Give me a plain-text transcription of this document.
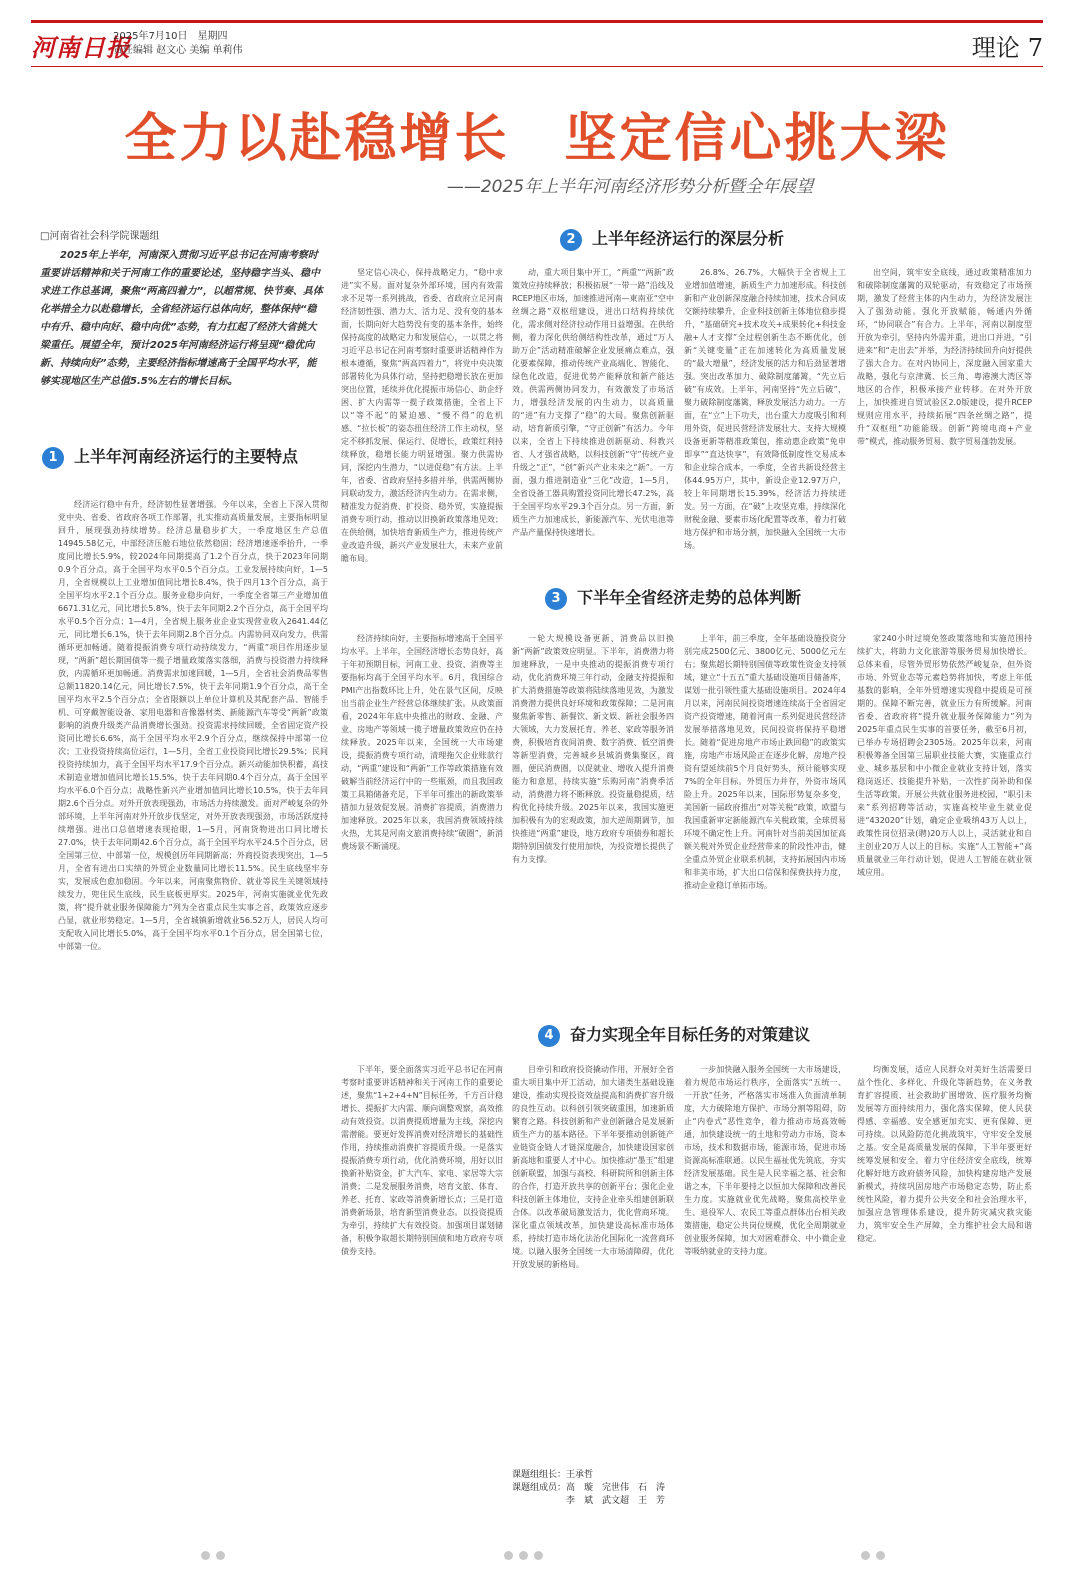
河南日报
2025年7月10日　星期四
责任编辑 赵文心 美编 单莉伟	理论 7
全力以赴稳增长　坚定信心挑大梁
——2025年上半年河南经济形势分析暨全年展望
□河南省社会科学院课题组

2025年上半年，河南深入贯彻习近平总书记在河南考察时重要讲话精神和关于河南工作的重要论述，坚持稳字当头、稳中求进工作总基调，聚焦“两高四着力”，以超常规、快节奏、具体化举措全力以赴稳增长，全省经济运行总体向好，整体保持“稳中有升、稳中向好、稳中向优”态势，有力扛起了经济大省挑大梁重任。展望全年，预计2025年河南经济运行将呈现“稳优向新、持续向好”态势，主要经济指标增速高于全国平均水平，能够实现地区生产总值5.5%左右的增长目标。

1	上半年河南经济运行的主要特点

经济运行稳中有升，经济韧性显著增强。今年以来，全省上下深入贯彻党中央、省委、省政府各项工作部署，扎实推动高质量发展，主要指标明显回升，展现强劲持续增势。经济总量稳步扩大，一季度地区生产总值14945.58亿元，中部经济压舱石地位依然稳固；经济增速逐季抬升，一季度同比增长5.9%，较2024年同期提高了1.2个百分点，快于2023年同期0.9个百分点，高于全国平均水平0.5个百分点。工业发展持续向好，1—5月，全省规模以上工业增加值同比增长8.4%，快于四月13个百分点，高于全国平均水平2.1个百分点。服务业稳步向好，一季度全省第三产业增加值6671.31亿元，同比增长5.8%，快于去年同期2.2个百分点，高于全国平均水平0.5个百分点；1—4月，全省规上服务业企业实现营业收入2641.44亿元，同比增长6.1%，快于去年同期2.8个百分点。内需协同双向发力，供需循环更加畅通。随着提振消费专项行动持续发力，“两重”项目作用逐步显现，“两新”超长期国债等一揽子增量政策落实落细，消费与投资潜力持续释放，内需循环更加畅通。消费需求加速回暖，1—5月，全省社会消费品零售总额11820.14亿元，同比增长7.5%，快于去年同期1.9个百分点，高于全国平均水平2.5个百分点；全省限额以上单位计算机及其配套产品、智能手机、可穿戴智能设备、家用电器和音像器材类、新能源汽车等受“两新”政策影响的消费升级类产品消费增长强劲。投资需求持续回暖，全省固定资产投资同比增长6.6%，高于全国平均水平2.9个百分点，继续保持中部第一位次；工业投资持续高位运行，1—5月，全省工业投资同比增长29.5%；民间投资持续加力，高于全国平均水平17.9个百分点。新兴动能加快积蓄，高技术制造业增加值同比增长15.5%，快于去年同期0.4个百分点，高于全国平均水平6.0个百分点；战略性新兴产业增加值同比增长10.5%，快于去年同期2.6个百分点。对外开放表现强劲，市场活力持续激发。面对严峻复杂的外部环境，上半年河南对外开放步伐坚定，对外开放表现强劲，市场活跃度持续增强。进出口总值增速表现抢眼，1—5月，河南货物进出口同比增长27.0%，快于去年同期42.6个百分点，高于全国平均水平24.5个百分点，居全国第三位、中部第一位，规模创历年同期新高；外商投资表现突出，1—5月，全省有进出口实绩的外贸企业数量同比增长11.5%。民生底线坚牢夯实，发展成色愈加稳固。今年以来，河南聚焦物价、就业等民生关键领域持续发力，兜住民生底线，民生底板更厚实。2025年，河南实施就业优先政策，将“提升就业服务保障能力”列为全省重点民生实事之首，政策效应逐步凸显，就业形势稳定。1—5月，全省城镇新增就业56.52万人，居民人均可支配收入同比增长5.0%，高于全国平均水平0.1个百分点，居全国第七位，中部第一位。

2	上半年经济运行的深层分析

坚定信心决心，保持战略定力，“稳中求进”实不易。面对复杂外部环境，国内有效需求不足等一系列挑战，省委、省政府立足河南经济韧性强、潜力大、活力足、没有变的基本面，长期向好大趋势没有变的基本条件，始终保持高度的战略定力和发展信心，一以贯之将习近平总书记在河南考察时重要讲话精神作为根本遵循，聚焦“两高四着力”，将党中央决策部署转化为具体行动，坚持把稳增长放在更加突出位置，延续并优化提振市场信心、助企纾困、扩大内需等一揽子政策措施，全省上下以“等不起”的紧迫感、“慢不得”的危机感、“拉长板”的姿态扭住经济工作主动权，坚定不移抓发展、保运行、促增长，政策红利持续释放，稳增长能力明显增强。聚力供需协同，深挖内生潜力，“以进促稳”有方法。上半年，省委、省政府坚持多措并举，供需两侧协同联动发力，激活经济内生动力。在需求侧，精准发力促消费、扩投资、稳外贸，实施提振消费专项行动，推动以旧换新政策落地见效；在供给侧，加快培育新质生产力，推进传统产业改造升级，新兴产业发展壮大，未来产业前瞻布局。

动，重大项目集中开工，“两重”“两新”政策效应持续释放；积极拓展“一带一路”沿线及RCEP地区市场，加速推进河南—東南亚“空中丝绸之路”双枢纽建设，进出口结构持续优化，需求侧对经济拉动作用日益增强。在供给侧，着力深化供给侧结构性改革，通过“万人助万企”活动精准破解企业发展痛点难点，强化要素保障，推动传统产业高端化、智能化、绿色化改造，促进优势产能释放和新产能达效。供需两侧协同发力，有效激发了市场活力，增强经济发展的内生动力，以高质量的“进”有力支撑了“稳”的大局。聚焦创新驱动，培育新质引擎，“守正创新”有活力。今年以来，全省上下持续推进创新驱动、科教兴省、人才强省战略，以科技创新“守”传统产业升级之“正”，“创”新兴产业未来之“新”。一方面，强力推进制造业“三化”改造，1—5月，全省设备工器具购置投资同比增长47.2%，高于全国平均水平29.3个百分点。另一方面，新质生产力加速成长，新能源汽车、光伏电池等产品产量保持快速增长。

26.8%、26.7%，大幅快于全省规上工业增加值增速，新质生产力加速形成。科技创新和产业创新深度融合持续加速，技术合同成交额持续攀升，企业科技创新主体地位稳步提升，“基础研究+技术攻关+成果转化+科技金融+人才支撑”全过程创新生态不断优化，创新“关键变量”正在加速转化为高质量发展的“最大增量”，经济发展的活力和后劲显著增强。突出改革加力、破除制度藩篱，“先立后破”有成效。上半年，河南坚持“先立后破”，聚力破除制度藩篱，释放发展活力动力。一方面，在“立”上下功夫，出台重大力度吸引和利用外资，促进民营经济发展壮大、支持大规模设备更新等精准政策包，推动惠企政策“免申即享”“直达快享”，有效降低制度性交易成本和企业综合成本，一季度，全省共新设经营主体44.95万户，其中，新设企业12.97万户，较上年同期增长15.39%，经济活力持续迸发。另一方面，在“破”上攻坚克难，持续深化财税金融、要素市场化配置等改革，着力打破地方保护和市场分割，加快融入全国统一大市场。

出空间，筑牢安全底线，通过政策精准加力和破除制度藩篱的双轮驱动，有效稳定了市场预期，激发了经营主体的内生动力，为经济发展注入了强劲动能。强化开放赋能，畅通内外循环，“协同联合”有合力。上半年，河南以制度型开放为牵引，坚持内外需并重，进出口并进，“引进来”和“走出去”并举，为经济持续回升向好提供了强大合力。在对内协同上，深度融入国家重大战略，强化与京津冀、长三角、粤港澳大湾区等地区的合作，积极承接产业转移。在对外开放上，加快推进自贸试验区2.0版建设，提升RCEP规则应用水平，持续拓展“四条丝绸之路”，提升“双枢纽”功能能级。创新“跨境电商+产业带”模式，推动服务贸易、数字贸易蓬勃发展。

3	下半年全省经济走势的总体判断

经济持续向好，主要指标增速高于全国平均水平。上半年，全国经济增长态势良好，高于年初预期目标，河南工业、投资、消费等主要指标均高于全国平均水平。6月，我国综合PMI产出指数环比上升，处在景气区间，反映出当前企业生产经营总体继续扩张。从政策面看，2024年年底中央推出的财政、金融、产业、房地产等领域一揽子增量政策效应仍在持续释放。2025年以来，全国统一大市场建设，提振消费专项行动，清理拖欠企业账款行动，“两重”建设和“两新”工作等政策措施有效破解当前经济运行中的一些瓶颈，而且我国政策工具箱储备充足，下半年可推出的新政策举措加力显效促发展。消费扩容提质，消费潜力加速释放。2025年以来，我国消费领域持续火热，尤其是河南文旅消费持续“破圈”，新消费场景不断涌现。

一轮大规模设备更新、消费品以旧换新“两新”政策效应明显。下半年，消费潜力将加速释放，一是中央推动的提振消费专项行动，优化消费环境三年行动，金融支持提振和扩大消费措施等政策将陆续落地见效，为激发消费潜力提供良好环境和政策保障；二是河南聚焦新零售、新餐饮、新文娱、新社会服务四大领域，大力发展托育、养老、家政等服务消费，积极培育夜间消费、数字消费、低空消费等新型消费，完善城乡县城消费集聚区，商圈，便民消费圈，以促就业、增收入提升消费能力和意愿，持续实施“乐购河南”消费季活动，消费潜力将不断释放。投资量稳提质，结构优化持续升级。2025年以来，我国实施更加积极有为的宏观政策，加大逆周期调节，加快推进“两重”建设，地方政府专项债券和超长期特别国债发行使用加快，为投资增长提供了有力支撑。

上半年，前三季度，全年基础设施投资分别完成2500亿元、3800亿元、5000亿元左右；聚焦超长期特别国债等政策性资金支持领域，建立“十五五”重大基础设施项目储备库，谋划一批引领性重大基础设施项目。2024年4月以来，河南民间投资增速连续高于全省固定资产投资增速，随着河南一系列促进民营经济发展举措落地见效，民间投资将保持平稳增长。随着“促进房地产市场止跌回稳”的政策实施，房地产市场风险正在逐步化解，房地产投资有望延续前5个月良好势头，预计能够实现7%的全年目标。外贸压力并存，外资市场风险上升。2025年以来，国际形势复杂多变，美国新一届政府推出“对等关税”政策，欧盟与我国重新审定新能源汽车关税政策，全球贸易环境不确定性上升。河南针对当前美国加征高额关税对外贸企业经营带来的阶段性冲击，健全重点外贸企业联系机制，支持拓展国内市场和非美市场，扩大出口信保和保费扶持力度，推动企业稳订单拓市场。

家240小时过境免签政策落地和实施范围持续扩大，将助力文化旅游等服务贸易加快增长。总体来看，尽管外贸形势依然严峻复杂，但外资市场、外贸业态等元素趋势将加快，考虑上年低基数的影响，全年外贸增速实现稳中提质是可预期的。保障不断完善，就业压力有所缓解。河南省委、省政府将“提升就业服务保障能力”列为2025年重点民生实事的首要任务，截至6月初，已举办专场招聘会2305场。2025年以来，河南积极筹备全国第三届职业技能大赛，实施重点行业、城乡基层和中小微企业就业支持计划，落实稳岗返还、技能提升补贴，一次性扩岗补助和保生活等政策。开展公共就业服务进校园，“职引未来”系列招聘等活动，实施高校毕业生就业促进“432020”计划，确定企业吸纳43万人以上，政策性岗位招录(聘)20万人以上，灵活就业和自主创业20万人以上的目标。实施“人工智能+”高质量就业三年行动计划，促进人工智能在就业领域应用。

4	奋力实现全年目标任务的对策建议

下半年，要全面落实习近平总书记在河南考察时重要讲话精神和关于河南工作的重要论述，聚焦“1+2+4+N”目标任务，千方百计稳增长、提振扩大内需、顺向调整观察，高效推动有效投资。以消费提质增量为主线，深挖内需潜能。要更好发挥消费对经济增长的基础性作用，持续推动消费扩容提质升级。一是落实提振消费专项行动，优化消费环境，用好以旧换新补贴资金，扩大汽车、家电、家居等大宗消费；二是发展服务消费，培育文旅、体育、养老、托育、家政等消费新增长点；三是打造消费新场景，培育新型消费业态。以投资提质为牵引，持续扩大有效投资。加强项目谋划储备，积极争取超长期特别国债和地方政府专项债券支持。

目牵引和政府投资撬动作用，开展好全省重大项目集中开工活动，加大诸类生基础设施建设，推动实现投资效益提高和消费扩容升级的良性互动。以科创引领突破重围，加速新质繁育之路。科技创新和产业创新融合是发展新质生产力的基本路径。下半年要推动创新链产业链资金链人才链深度融合，加快建设国家创新高地和重要人才中心。加快推动“墨玉”组建创新联盟，加强与高校、科研院所和创新主体的合作，打造开放共享的创新平台；强化企业科技创新主体地位，支持企业牵头组建创新联合体。以改革破局激发活力，优化营商环境。深化重点领域改革，加快建设高标准市场体系，持续打造市场化法治化国际化一流营商环境。以融入服务全国统一大市场清障碍，优化开放发展的新格局。

一步加快融入服务全国统一大市场建设，着力规范市场运行秩序，全面落实“五统一、一开放”任务，严格落实市场准入负面清单制度，大力破除地方保护、市场分割等阻碍，防止“内卷式”恶性竞争，着力推动市场高效畅通，加快建设统一的土地和劳动力市场，资本市场，技术和数据市场，能源市场，促进市场资源高标准联通。以民生福祉优先筑底，夯实经济发展基础。民生是人民幸福之基、社会和谐之本，下半年要持之以恒加大保障和改善民生力度。实施就业优先战略，聚焦高校毕业生、退役军人、农民工等重点群体出台相关政策措施，稳定公共岗位规模，优化全周期就业创业服务保障，加大对困难群众、中小微企业等吸纳就业的支持力度。

均衡发展，适应人民群众对美好生活需要日益个性化、多样化、升级化等新趋势，在义务教育扩容提质、社会救助扩围增效、医疗服务均衡发展等方面持续用力，强化落实保障，使人民获得感、幸福感、安全感更加充实、更有保障、更可持续。以风险防范化挑战筑牢，守牢安全发展之基。安全是高质量发展的保障，下半年要更好统筹发展和安全。着力守住经济安全底线，统筹化解好地方政府债务风险，加快构建房地产发展新模式，持续巩固房地产市场稳定态势，防止系统性风险，着力提升公共安全和社会治理水平，加强应急管理体系建设，提升防灾减灾救灾能力，筑牢安全生产屏障，全力维护社会大局和谐稳定。

课题组组长：王承哲
课题组成员：高　璇　完世伟　石　涛
　　　　　　李　斌　武文超　王　芳
